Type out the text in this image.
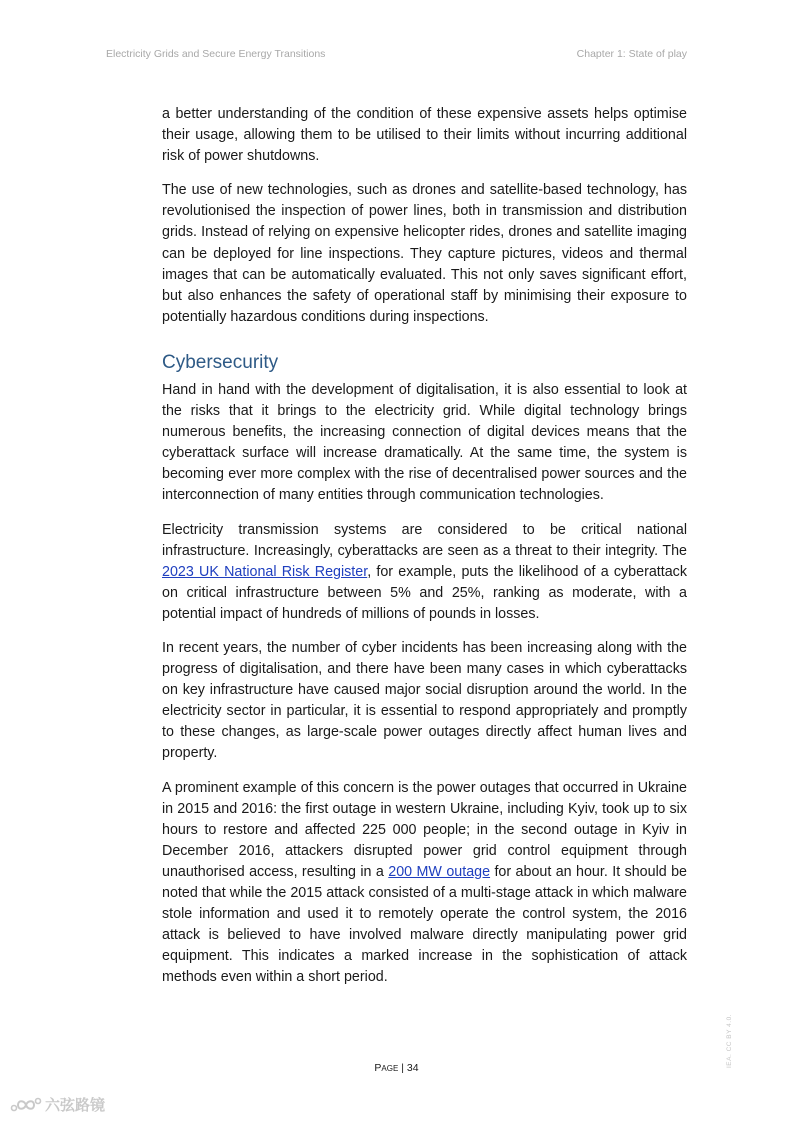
Electricity Grids and Secure Energy Transitions	Chapter 1: State of play

a better understanding of the condition of these expensive assets helps optimise their usage, allowing them to be utilised to their limits without incurring additional risk of power shutdowns.

The use of new technologies, such as drones and satellite-based technology, has revolutionised the inspection of power lines, both in transmission and distribution grids. Instead of relying on expensive helicopter rides, drones and satellite imaging can be deployed for line inspections. They capture pictures, videos and thermal images that can be automatically evaluated. This not only saves significant effort, but also enhances the safety of operational staff by minimising their exposure to potentially hazardous conditions during inspections.

Cybersecurity

Hand in hand with the development of digitalisation, it is also essential to look at the risks that it brings to the electricity grid. While digital technology brings numerous benefits, the increasing connection of digital devices means that the cyberattack surface will increase dramatically. At the same time, the system is becoming ever more complex with the rise of decentralised power sources and the interconnection of many entities through communication technologies.

Electricity transmission systems are considered to be critical national infrastructure. Increasingly, cyberattacks are seen as a threat to their integrity. The 2023 UK National Risk Register, for example, puts the likelihood of a cyberattack on critical infrastructure between 5% and 25%, ranking as moderate, with a potential impact of hundreds of millions of pounds in losses.

In recent years, the number of cyber incidents has been increasing along with the progress of digitalisation, and there have been many cases in which cyberattacks on key infrastructure have caused major social disruption around the world. In the electricity sector in particular, it is essential to respond appropriately and promptly to these changes, as large-scale power outages directly affect human lives and property.

A prominent example of this concern is the power outages that occurred in Ukraine in 2015 and 2016: the first outage in western Ukraine, including Kyiv, took up to six hours to restore and affected 225 000 people; in the second outage in Kyiv in December 2016, attackers disrupted power grid control equipment through unauthorised access, resulting in a 200 MW outage for about an hour. It should be noted that while the 2015 attack consisted of a multi-stage attack in which malware stole information and used it to remotely operate the control system, the 2016 attack is believed to have involved malware directly manipulating power grid equipment. This indicates a marked increase in the sophistication of attack methods even within a short period.

PAGE | 34	IEA. CC BY 4.0.
六弦路镜
